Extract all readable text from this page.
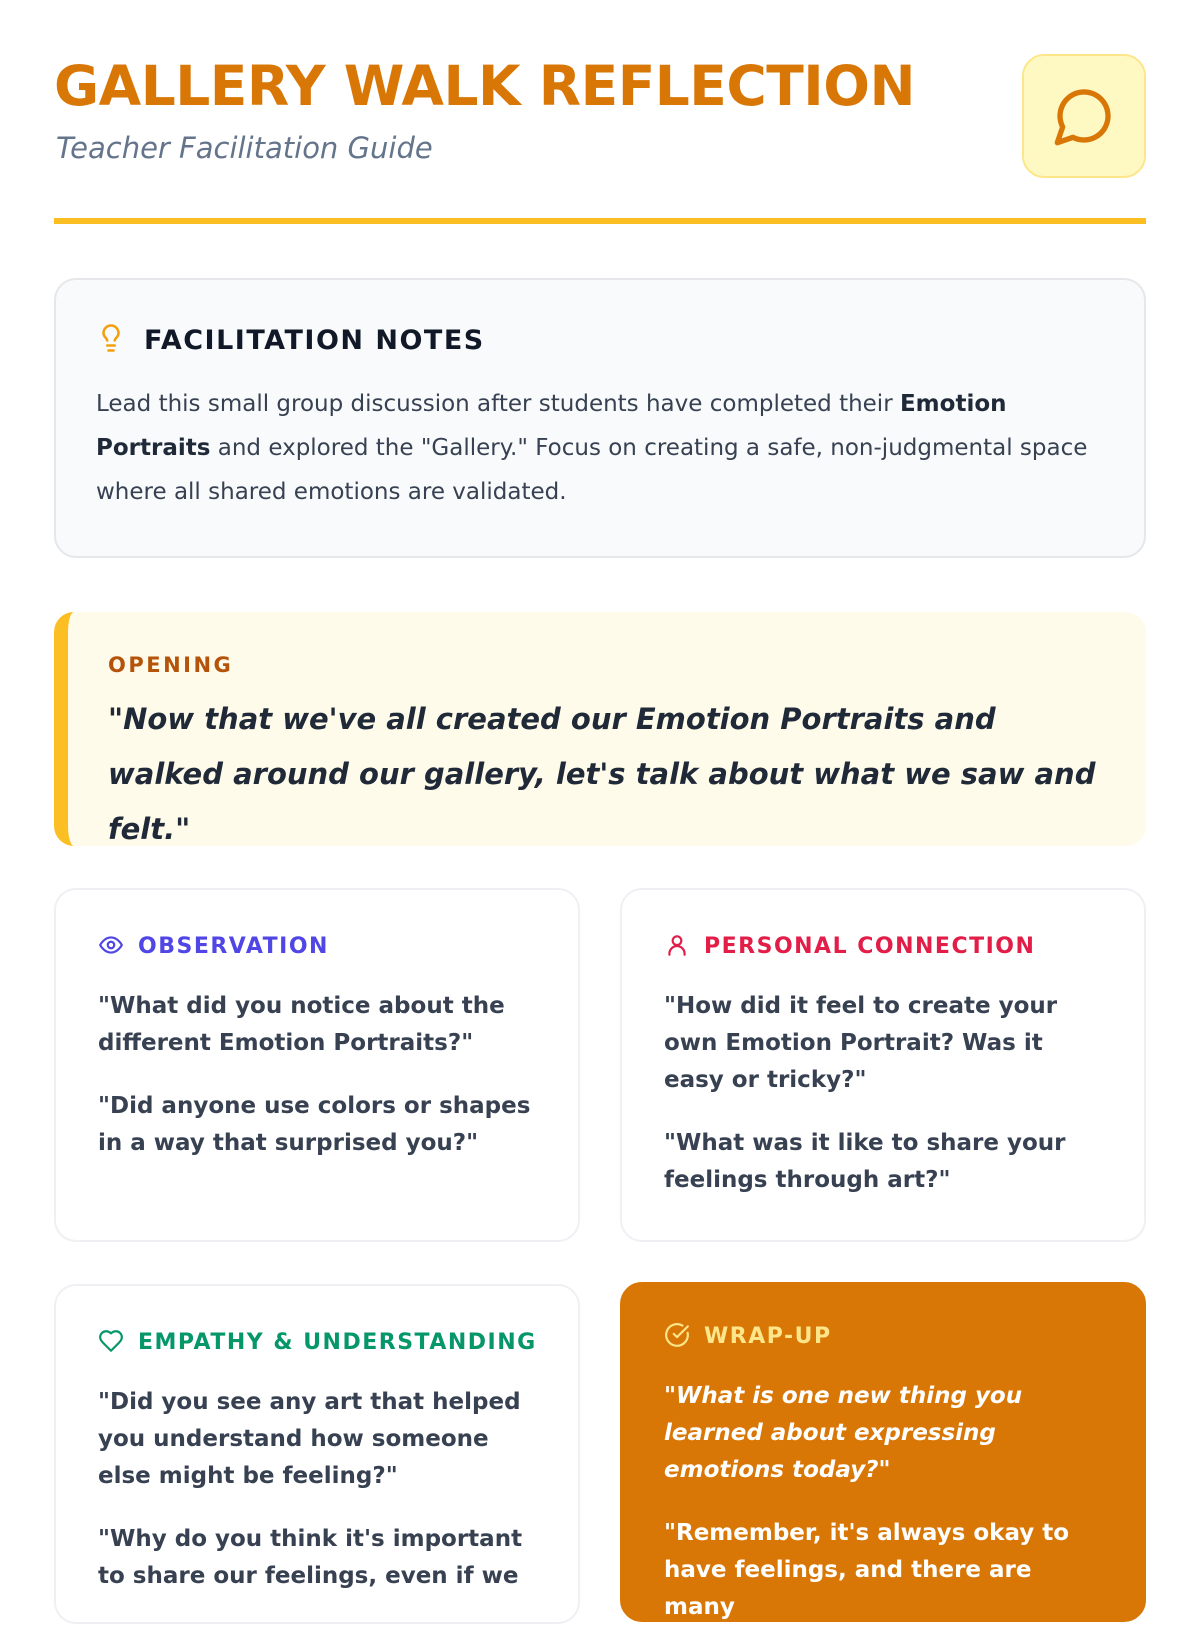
GALLERY WALK REFLECTION
Teacher Facilitation Guide
FACILITATION NOTES
Lead this small group discussion after students have completed their Emotion Portraits and explored the "Gallery." Focus on creating a safe, non-judgmental space where all shared emotions are validated.
OPENING
"Now that we've all created our Emotion Portraits and walked around our gallery, let's talk about what we saw and felt."
OBSERVATION

"What did you notice about the different Emotion Portraits?"

"Did anyone use colors or shapes in a way that surprised you?"

PERSONAL CONNECTION

"How did it feel to create your own Emotion Portrait? Was it easy or tricky?"

"What was it like to share your feelings through art?"

EMPATHY & UNDERSTANDING

"Did you see any art that helped you understand how someone else might be feeling?"

"Why do you think it's important to share our feelings, even if we

WRAP-UP

"What is one new thing you learned about expressing emotions today?"

"Remember, it's always okay to have feelings, and there are many
